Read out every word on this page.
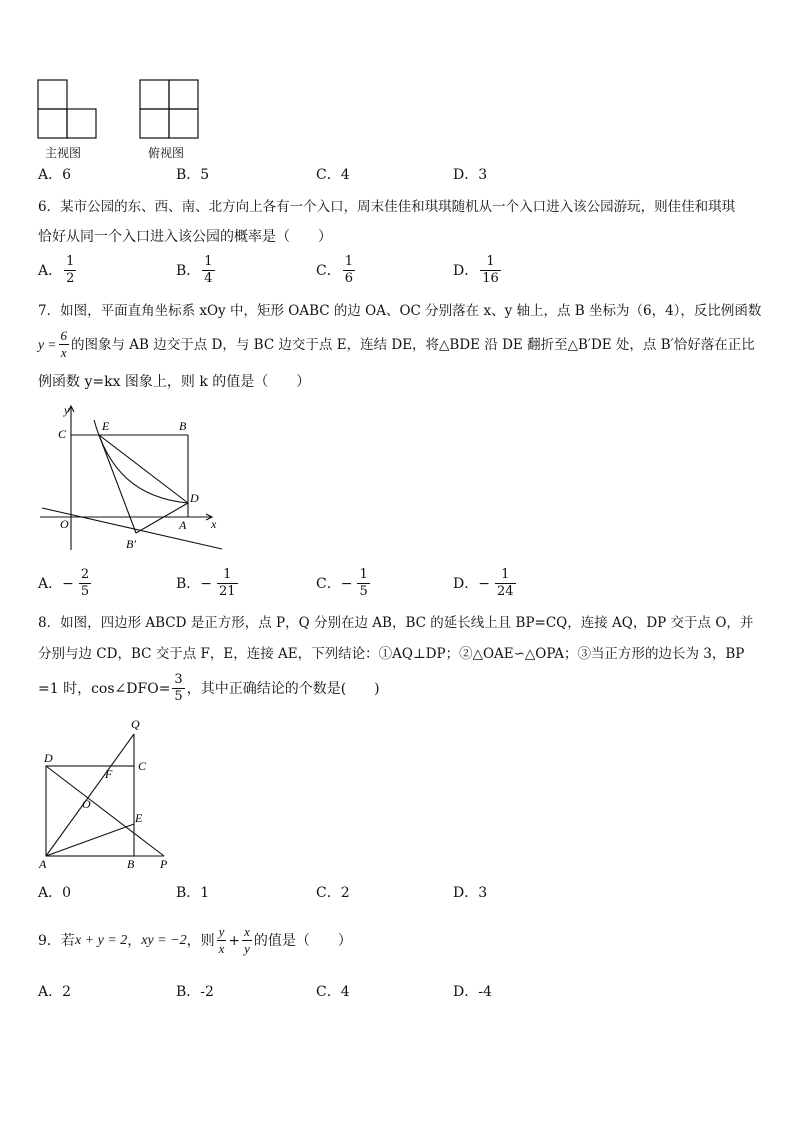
主视图	俯视图
A．6	B．5	C．4	D．3
6．某市公园的东、西、南、北方向上各有一个入口，周末佳佳和琪琪随机从一个入口进入该公园游玩，则佳佳和琪琪
恰好从同一个入口进入该公园的概率是（　　）
A． $\frac{1}{2}$	B． $\frac{1}{4}$	C． $\frac{1}{6}$	D． $\frac{1}{16}$
7．如图，平面直角坐标系 xOy 中，矩形 OABC 的边 OA、OC 分别落在 x、y 轴上，点 B 坐标为（6，4），反比例函数
$y = \frac{6}{x}$ 的图象与 AB 边交于点 D，与 BC 边交于点 E，连结 DE，将△BDE 沿 DE 翻折至△B′DE 处，点 B′恰好落在正比
例函数 y=kx 图象上，则 k 的值是（　　）
y
x
C
E	B
D
O	A
B′
A． − $\frac{2}{5}$	B． − $\frac{1}{21}$	C． − $\frac{1}{5}$	D． − $\frac{1}{24}$
8．如图，四边形 ABCD 是正方形，点 P，Q 分别在边 AB，BC 的延长线上且 BP=CQ，连接 AQ，DP 交于点 O，并
分别与边 CD，BC 交于点 F，E，连接 AE，下列结论：①AQ⊥DP；②△OAE∽△OPA；③当正方形的边长为 3，BP
=1 时，cos∠DFO= $\frac{3}{5}$ ，其中正确结论的个数是(　　)
Q
D
C
F
O
E
A	B P
A．0	B．1	C．2	D．3
9．若 x + y = 2 ， xy = −2 ，则 $\frac{y}{x} + \frac{x}{y}$ 的值是（　　）
A．2	B．-2	C．4	D．-4
